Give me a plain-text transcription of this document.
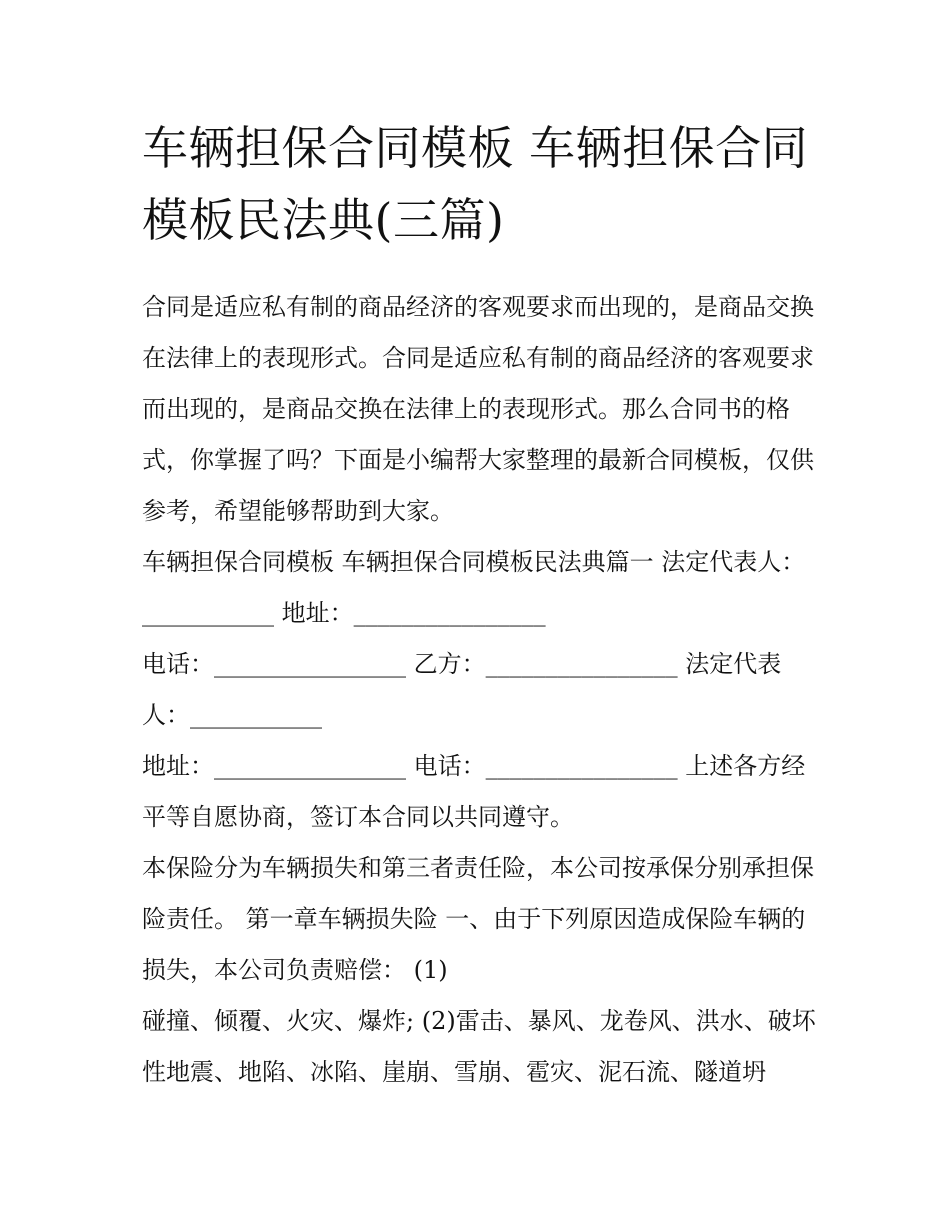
车辆担保合同模板 车辆担保合同模板民法典(三篇)

合同是适应私有制的商品经济的客观要求而出现的，是商品交换在法律上的表现形式。合同是适应私有制的商品经济的客观要求而出现的，是商品交换在法律上的表现形式。那么合同书的格式，你掌握了吗？下面是小编帮大家整理的最新合同模板，仅供参考，希望能够帮助到大家。

车辆担保合同模板 车辆担保合同模板民法典篇一 法定代表人：___________ 地址：________________

电话：________________ 乙方：________________ 法定代表人：___________

地址：________________ 电话：________________ 上述各方经平等自愿协商，签订本合同以共同遵守。

本保险分为车辆损失和第三者责任险，本公司按承保分别承担保险责任。 第一章车辆损失险 一、由于下列原因造成保险车辆的损失，本公司负责赔偿： (1)

碰撞、倾覆、火灾、爆炸; (2)雷击、暴风、龙卷风、洪水、破坏性地震、地陷、冰陷、崖崩、雪崩、雹灾、泥石流、隧道坍
